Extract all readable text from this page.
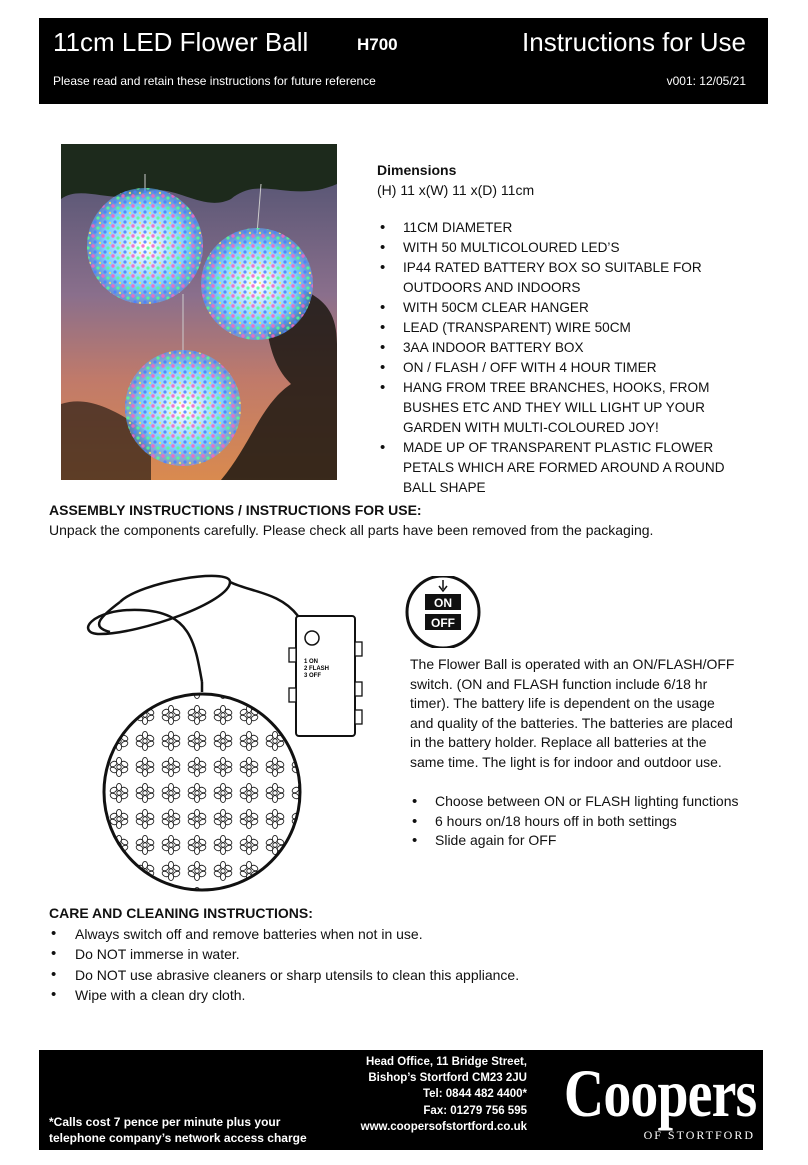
11cm LED Flower Ball	H700	Instructions for Use
Please read and retain these instructions for future reference	v001: 12/05/21
Dimensions
(H) 11 x(W) 11 x(D) 11cm
• 11CM DIAMETER
• WITH 50 MULTICOLOURED LED’S
• IP44 RATED BATTERY BOX SO SUITABLE FOR OUTDOORS AND INDOORS
• WITH 50CM CLEAR HANGER
• LEAD (TRANSPARENT) WIRE 50CM
• 3AA INDOOR BATTERY BOX
• ON / FLASH / OFF WITH 4 HOUR TIMER
• HANG FROM TREE BRANCHES, HOOKS, FROM BUSHES ETC AND THEY WILL LIGHT UP YOUR GARDEN WITH MULTI-COLOURED JOY!
• MADE UP OF TRANSPARENT PLASTIC FLOWER PETALS WHICH ARE FORMED AROUND A ROUND BALL SHAPE
ASSEMBLY INSTRUCTIONS / INSTRUCTIONS FOR USE:
Unpack the components carefully. Please check all parts have been removed from the packaging.
1 ON
2 FLASH
3 OFF
ON
OFF
The Flower Ball is operated with an ON/FLASH/OFF switch. (ON and FLASH function include 6/18 hr timer). The battery life is dependent on the usage and quality of the batteries. The batteries are placed in the battery holder. Replace all batteries at the same time. The light is for indoor and outdoor use.
• Choose between ON or FLASH lighting functions
• 6 hours on/18 hours off in both settings
• Slide again for OFF
CARE AND CLEANING INSTRUCTIONS:
• Always switch off and remove batteries when not in use.
• Do NOT immerse in water.
• Do NOT use abrasive cleaners or sharp utensils to clean this appliance.
• Wipe with a clean dry cloth.
*Calls cost 7 pence per minute plus your
telephone company’s network access charge
Head Office, 11 Bridge Street,
Bishop’s Stortford CM23 2JU
Tel: 0844 482 4400*
Fax: 01279 756 595
www.coopersofstortford.co.uk Coopers
OF STORTFORD
